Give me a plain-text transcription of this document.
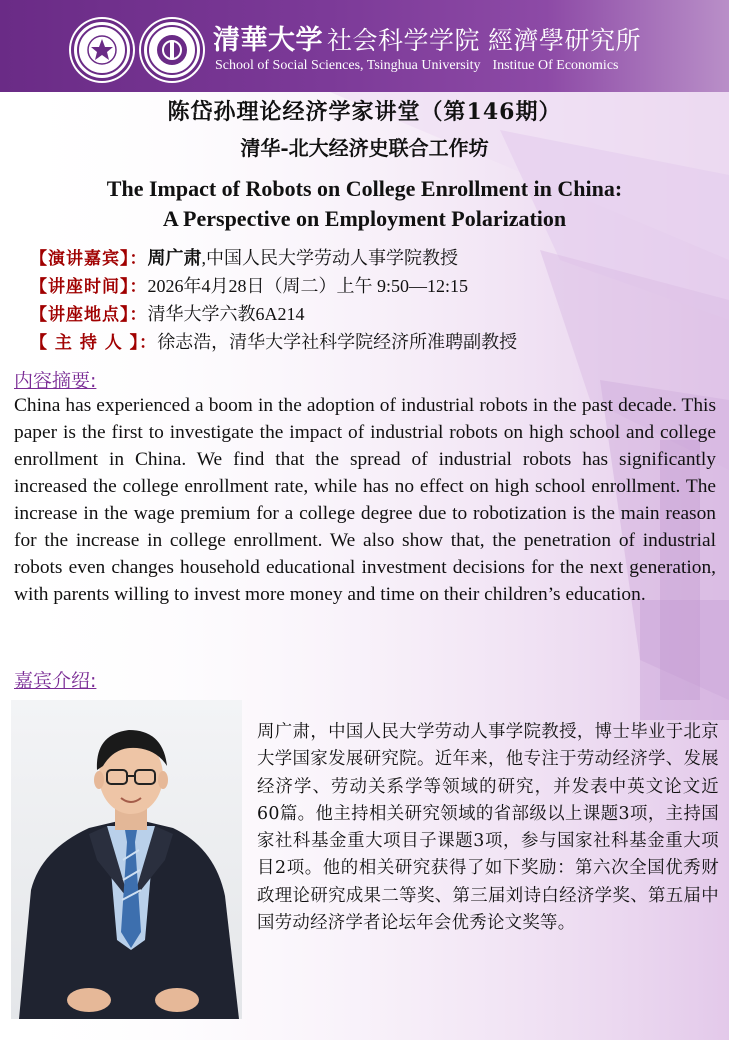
清華大学 社会科学学院 經濟學研究所
School of Social Sciences, Tsinghua University Institue Of Economics
陈岱孙理论经济学家讲堂（第146期）
清华-北大经济史联合工作坊
The Impact of Robots on College Enrollment in China:
A Perspective on Employment Polarization
【演讲嘉宾】：周广肃,中国人民大学劳动人事学院教授
【讲座时间】：2026年4月28日（周二）上午 9:50—12:15
【讲座地点】：清华大学六教6A214
【 主 持 人 】：徐志浩，清华大学社科学院经济所准聘副教授
内容摘要:

China has experienced a boom in the adoption of industrial robots in the past decade. This paper is the first to investigate the impact of industrial robots on high school and college enrollment in China. We find that the spread of industrial robots has significantly increased the college enrollment rate, while has no effect on high school enrollment. The increase in the wage premium for a college degree due to robotization is the main reason for the increase in college enrollment. We also show that, the penetration of industrial robots even changes household educational investment decisions for the next generation, with parents willing to invest more money and time on their children’s education.

嘉宾介绍:

周广肃，中国人民大学劳动人事学院教授，博士毕业于北京大学国家发展研究院。近年来，他专注于劳动经济学、发展经济学、劳动关系学等领域的研究，并发表中英文论文近60篇。他主持相关研究领域的省部级以上课题3项，主持国家社科基金重大项目子课题3项，参与国家社科基金重大项目2项。他的相关研究获得了如下奖励：第六次全国优秀财政理论研究成果二等奖、第三届刘诗白经济学奖、第五届中国劳动经济学者论坛年会优秀论文奖等。
